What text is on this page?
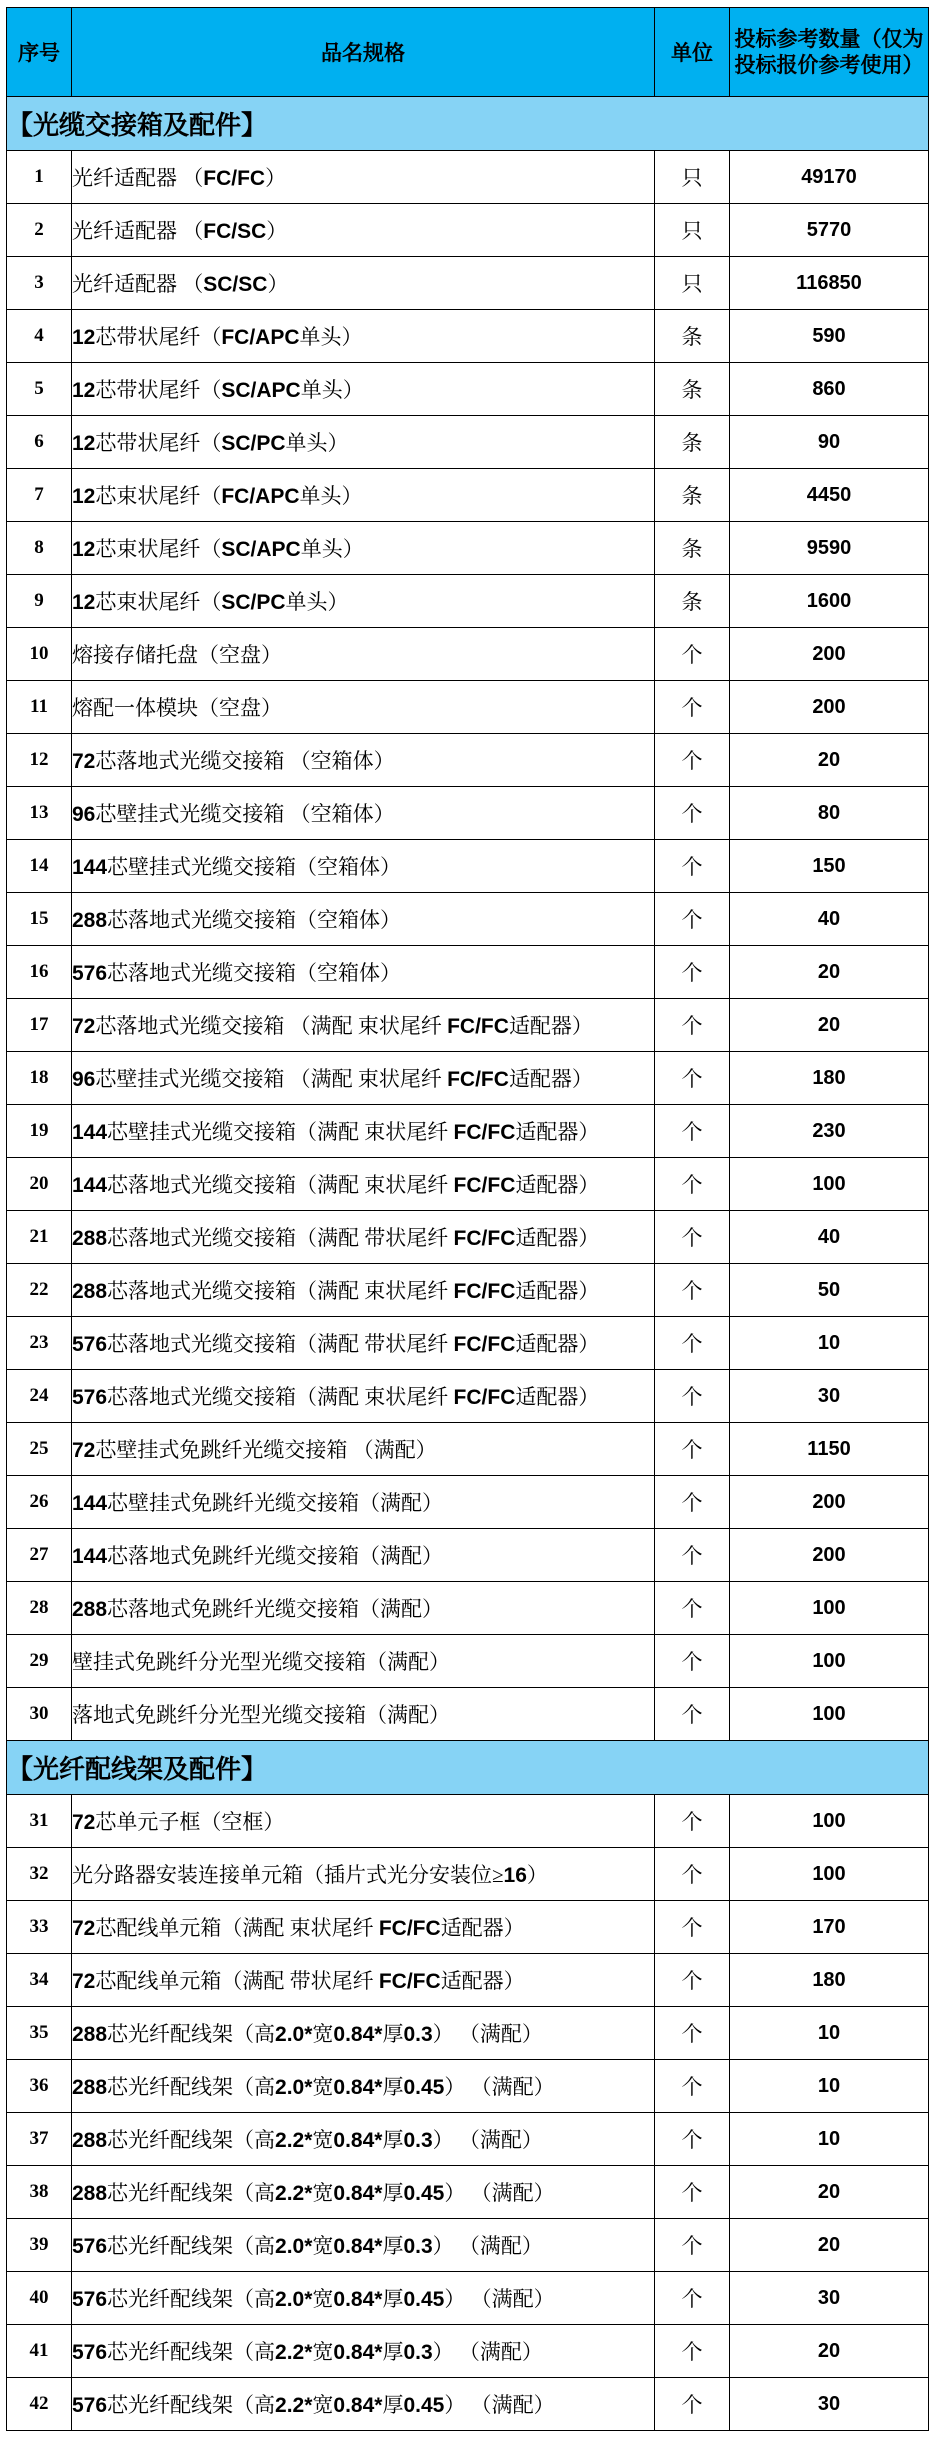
序号	品名规格	单位	投标参考数量（仅为投标报价参考使用）
【光缆交接箱及配件】			
1	光纤适配器 （FC/FC）	只	49170
2	光纤适配器 （FC/SC）	只	5770
3	光纤适配器 （SC/SC）	只	116850
4	12芯带状尾纤（FC/APC单头）	条	590
5	12芯带状尾纤（SC/APC单头）	条	860
6	12芯带状尾纤（SC/PC单头）	条	90
7	12芯束状尾纤（FC/APC单头）	条	4450
8	12芯束状尾纤（SC/APC单头）	条	9590
9	12芯束状尾纤（SC/PC单头）	条	1600
10	熔接存储托盘（空盘）	个	200
11	熔配一体模块（空盘）	个	200
12	72芯落地式光缆交接箱 （空箱体）	个	20
13	96芯壁挂式光缆交接箱 （空箱体）	个	80
14	144芯壁挂式光缆交接箱（空箱体）	个	150
15	288芯落地式光缆交接箱（空箱体）	个	40
16	576芯落地式光缆交接箱（空箱体）	个	20
17	72芯落地式光缆交接箱 （满配 束状尾纤 FC/FC适配器）	个	20
18	96芯壁挂式光缆交接箱 （满配 束状尾纤 FC/FC适配器）	个	180
19	144芯壁挂式光缆交接箱（满配 束状尾纤 FC/FC适配器）	个	230
20	144芯落地式光缆交接箱（满配 束状尾纤 FC/FC适配器）	个	100
21	288芯落地式光缆交接箱（满配 带状尾纤 FC/FC适配器）	个	40
22	288芯落地式光缆交接箱（满配 束状尾纤 FC/FC适配器）	个	50
23	576芯落地式光缆交接箱（满配 带状尾纤 FC/FC适配器）	个	10
24	576芯落地式光缆交接箱（满配 束状尾纤 FC/FC适配器）	个	30
25	72芯壁挂式免跳纤光缆交接箱 （满配）	个	1150
26	144芯壁挂式免跳纤光缆交接箱（满配）	个	200
27	144芯落地式免跳纤光缆交接箱（满配）	个	200
28	288芯落地式免跳纤光缆交接箱（满配）	个	100
29	壁挂式免跳纤分光型光缆交接箱（满配）	个	100
30	落地式免跳纤分光型光缆交接箱（满配）	个	100
【光纤配线架及配件】			
31	72芯单元子框（空框）	个	100
32	光分路器安装连接单元箱（插片式光分安装位≥16）	个	100
33	72芯配线单元箱（满配 束状尾纤 FC/FC适配器）	个	170
34	72芯配线单元箱（满配 带状尾纤 FC/FC适配器）	个	180
35	288芯光纤配线架（高2.0*宽0.84*厚0.3） （满配）	个	10
36	288芯光纤配线架（高2.0*宽0.84*厚0.45） （满配）	个	10
37	288芯光纤配线架（高2.2*宽0.84*厚0.3） （满配）	个	10
38	288芯光纤配线架（高2.2*宽0.84*厚0.45） （满配）	个	20
39	576芯光纤配线架（高2.0*宽0.84*厚0.3） （满配）	个	20
40	576芯光纤配线架（高2.0*宽0.84*厚0.45） （满配）	个	30
41	576芯光纤配线架（高2.2*宽0.84*厚0.3） （满配）	个	20
42	576芯光纤配线架（高2.2*宽0.84*厚0.45） （满配）	个	30
